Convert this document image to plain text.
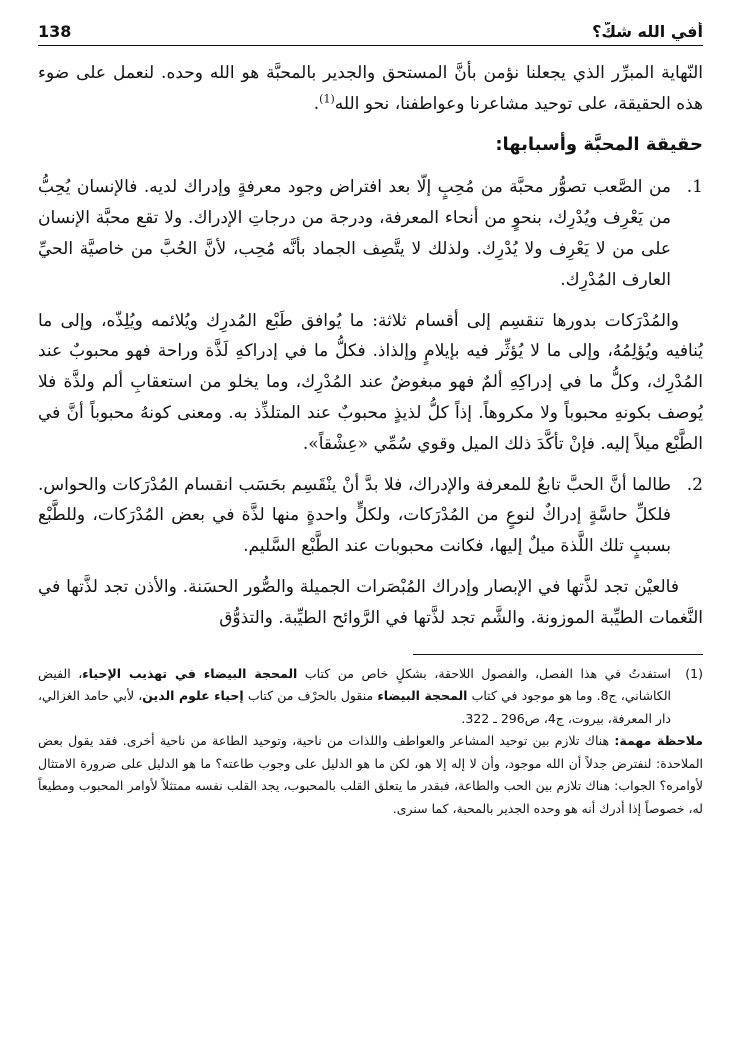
أفي الله شكٌّ؟
138

النّهاية المبرِّر الذي يجعلنا نؤمن بأنَّ المستحق والجدير بالمحبَّة هو الله وحده. لنعمل على ضوء هذه الحقيقة، على توحيد مشاعرنا وعواطفنا، نحو الله$^{(1)}$.

حقيقة المحبَّة وأسبابها:
1.
من الصَّعب تصوُّر محبَّة من مُحِبٍ إلّا بعد افتراض وجود معرفةٍ وإدراك لديه. فالإنسان يُحِبُّ من يَعْرِف ويُدْرِك، بنحوٍ من أنحاء المعرفة، ودرجة من درجاتِ الإدراك. ولا تقع محبَّة الإنسان على من لا يَعْرِف ولا يُدْرِك. ولذلك لا يتَّصِف الجماد بأنَّه مُحِب، لأنَّ الحُبَّ من خاصيَّة الحيِّ العارف المُدْرِك.

والمُدْرَكات بدورها تنقسِم إلى أقسام ثلاثة: ما يُوافق طَبْع المُدرِك ويُلائمه ويُلِذّه، وإلى ما يُنافيه ويُؤلِمُهُ، وإلى ما لا يُؤثِّر فيه بإيلامٍ وإلذاذ. فكلُّ ما في إدراكهِ لَذَّة وراحة فهو محبوبٌ عند المُدْرِك، وكلُّ ما في إدراكِهِ ألمٌ فهو مبغوضٌ عند المُدْرِك، وما يخلو من استعقابِ ألم ولذَّة فلا يُوصف بكونهِ محبوباً ولا مكروهاً. إذاً كلُّ لذيذٍ محبوبٌ عند المتلذِّذ به. ومعنى كونهُ محبوباً أنَّ في الطَّبْع ميلاً إليه. فإنْ تأكَّدَ ذلك الميل وقوي سُمِّي «عِشْقاً».

2.
طالما أنَّ الحبَّ تابعٌ للمعرفة والإدراك، فلا بدَّ أنْ ينْقَسِم بحَسَب انقسام المُدْرَكات والحواس. فلكلِّ حاسَّةٍ إدراكٌ لنوعٍ من المُدْرَكات، ولكلٍّ واحدةٍ منها لذَّة في بعض المُدْرَكات، وللطَّبْع بسببٍ تلك اللَّذة ميلٌ إليها، فكانت محبوبات عند الطَّبْع السَّليم.

فالعيْن تجد لذَّتها في الإبصار وإدراك المُبْصَرات الجميلة والصُّور الحسَنة. والأذن تجد لذَّتها في النَّغمات الطيِّبة الموزونة. والشَّم تجد لذَّتها في الرَّوائح الطيِّبة. والتذوُّق

(1)
استفدتُ في هذا الفصل، والفصول اللاحقة، بشكلٍ خاص من كتاب المحجة البيضاء في تهذيب الإحياء، الفيض الكاشاني، ج8. وما هو موجود في كتاب المحجة البيضاء منقول بالحرْف من كتاب إحياء علوم الدين، لأبي حامد الغزالي، دار المعرفة، بيروت، ج4، ص296 ـ 322.

ملاحظة مهمة: هناك تلازم بين توحيد المشاعر والعواطف واللذات من ناحية، وتوحيد الطاعة من ناحية أخرى. فقد يقول بعض الملاحدة: لنفترض جدلاً أن الله موجود، وأن لا إله إلا هو، لكن ما هو الدليل على وجوب طاعته؟ ما هو الدليل على ضرورة الامتثال لأوامره؟ الجواب: هناك تلازم بين الحب والطاعة، فبقدر ما يتعلق القلب بالمحبوب، يجد القلب نفسه ممتثلاً لأوامر المحبوب ومطيعاً له، خصوصاً إذا أدرك أنه هو وحده الجدير بالمحبة، كما سنرى.
